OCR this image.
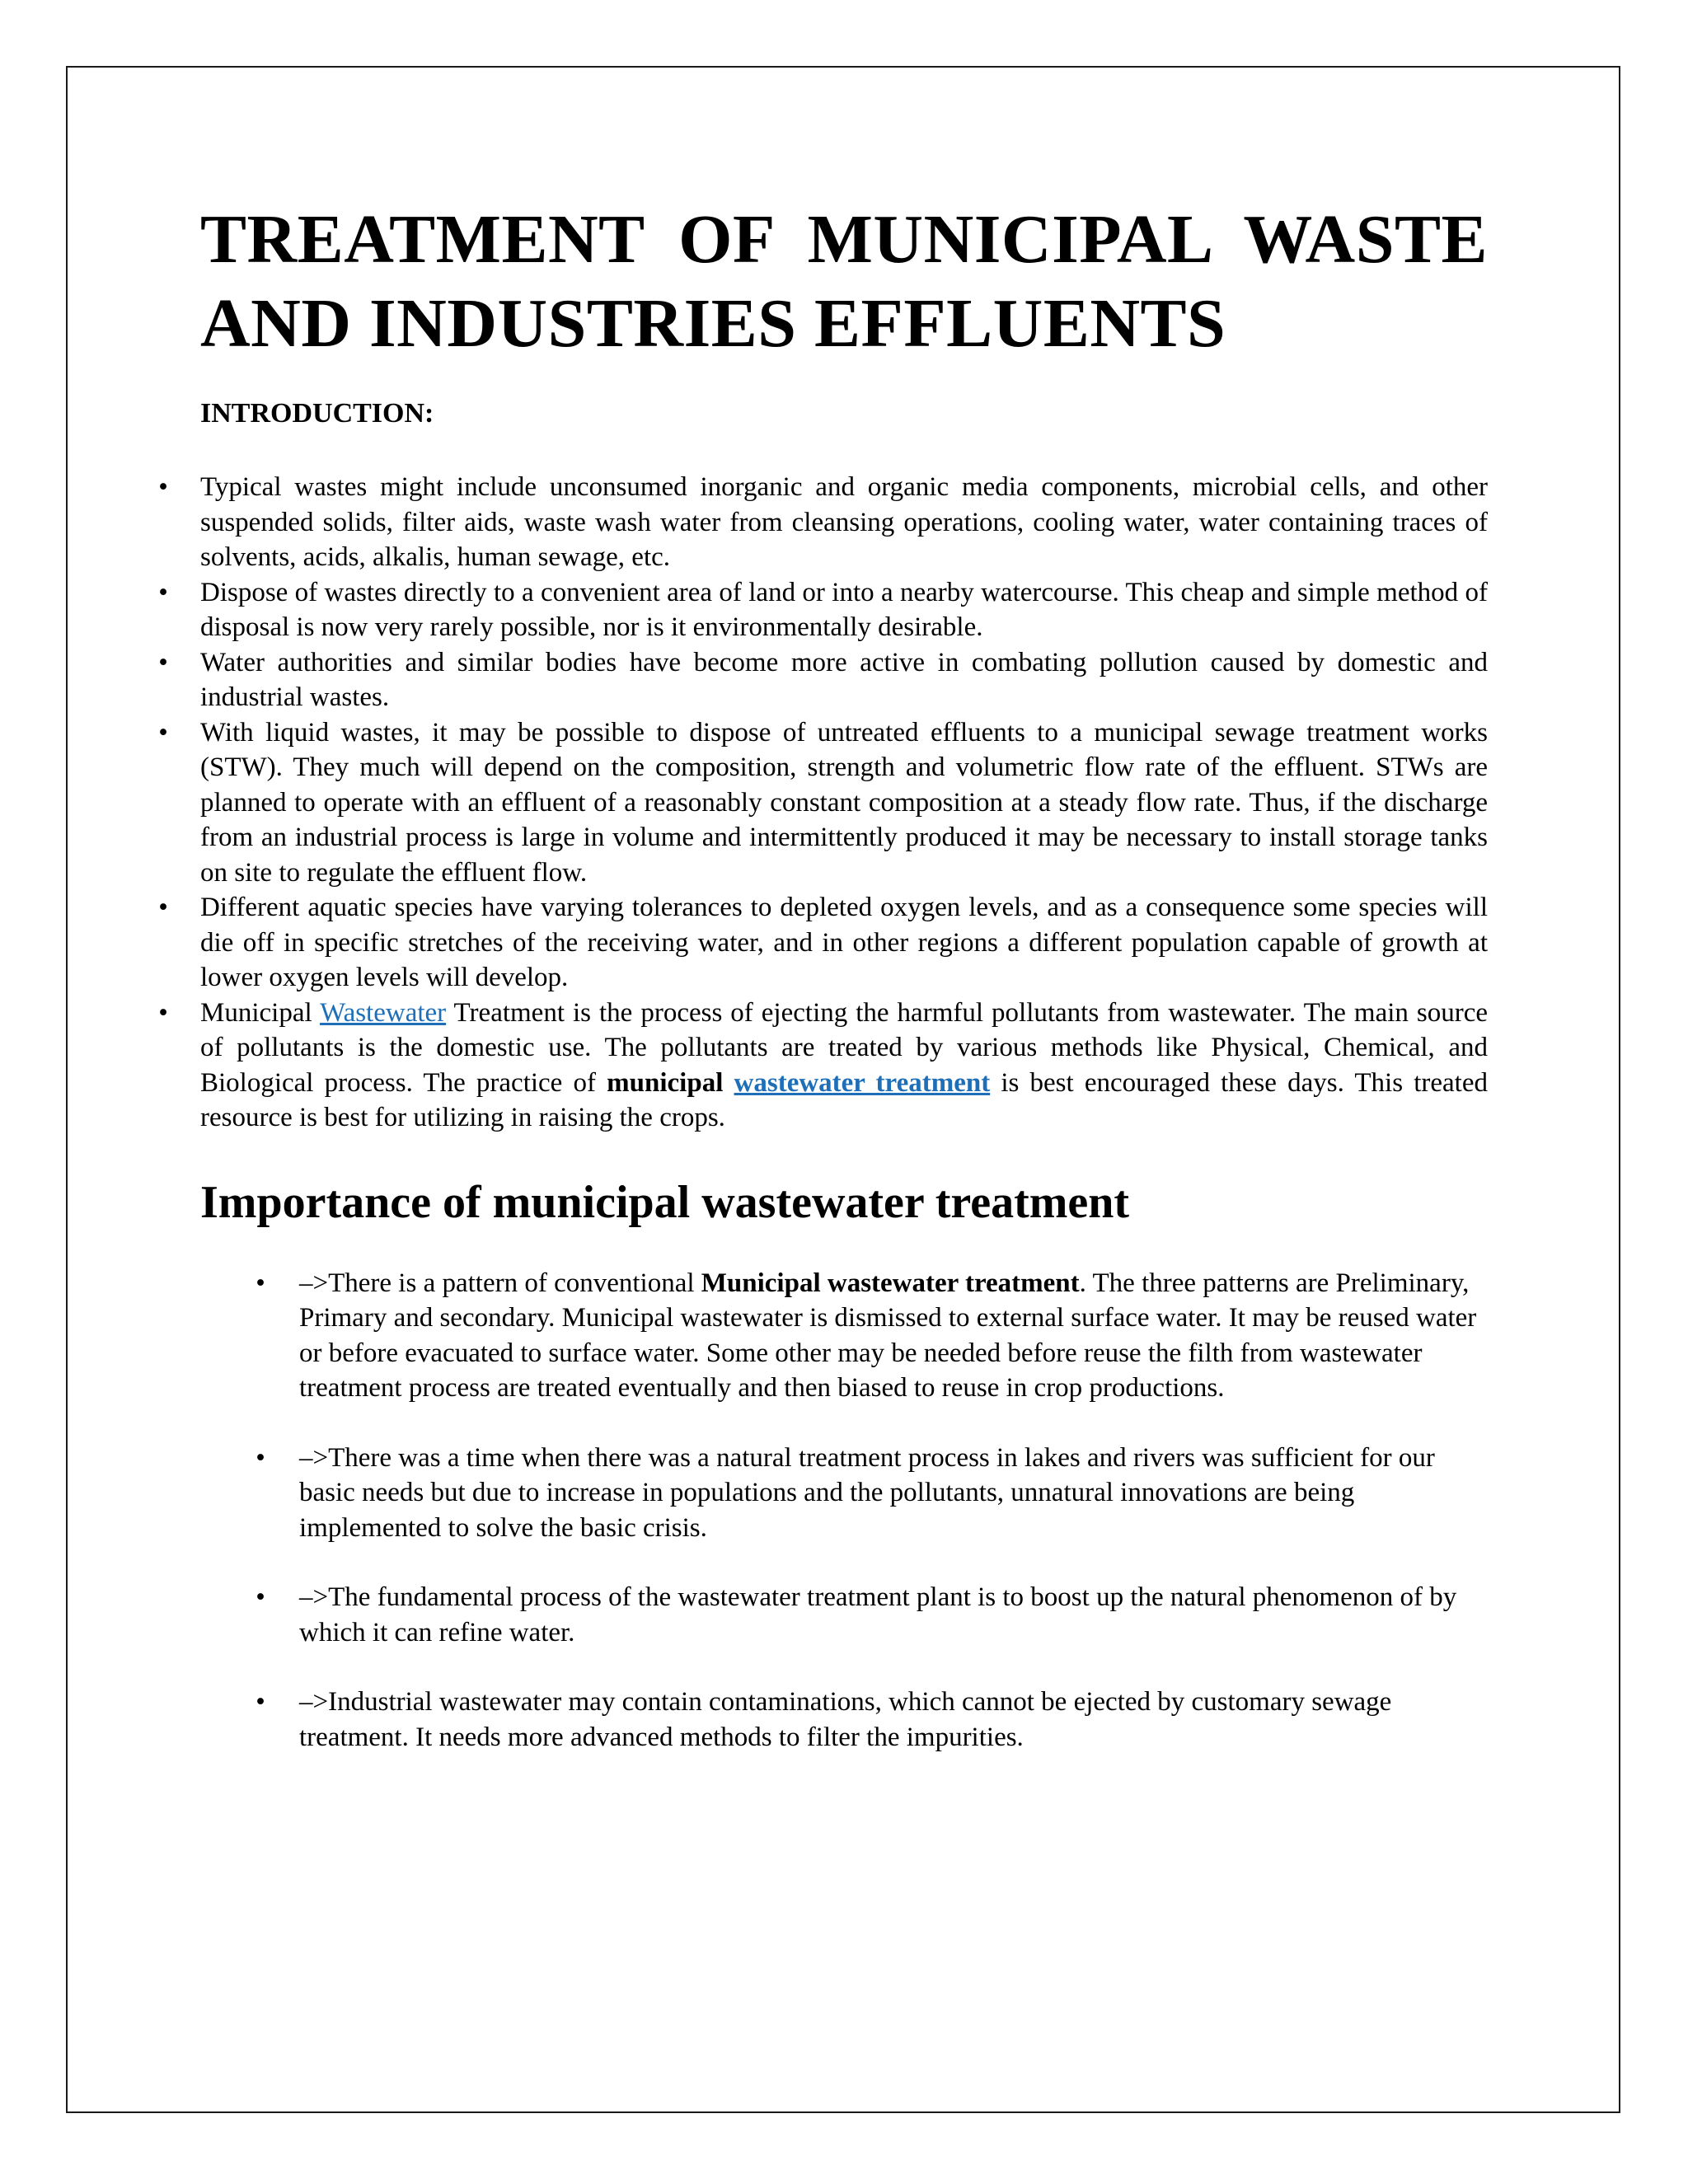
TREATMENT OF MUNICIPAL WASTE AND INDUSTRIES EFFLUENTS
INTRODUCTION:
• Typical wastes might include unconsumed inorganic and organic media components, microbial cells, and other suspended solids, filter aids, waste wash water from cleansing operations, cooling water, water containing traces of solvents, acids, alkalis, human sewage, etc.
• Dispose of wastes directly to a convenient area of land or into a nearby watercourse. This cheap and simple method of disposal is now very rarely possible, nor is it environmentally desirable.
• Water authorities and similar bodies have become more active in combating pollution caused by domestic and industrial wastes.
• With liquid wastes, it may be possible to dispose of untreated effluents to a municipal sewage treatment works (STW). They much will depend on the composition, strength and volumetric flow rate of the effluent. STWs are planned to operate with an effluent of a reasonably constant composition at a steady flow rate. Thus, if the discharge from an industrial process is large in volume and intermittently produced it may be necessary to install storage tanks on site to regulate the effluent flow.
• Different aquatic species have varying tolerances to depleted oxygen levels, and as a consequence some species will die off in specific stretches of the receiving water, and in other regions a different population capable of growth at lower oxygen levels will develop.
• Municipal Wastewater Treatment is the process of ejecting the harmful pollutants from wastewater. The main source of pollutants is the domestic use. The pollutants are treated by various methods like Physical, Chemical, and Biological process. The practice of municipal wastewater treatment is best encouraged these days. This treated resource is best for utilizing in raising the crops.
Importance of municipal wastewater treatment
• –>There is a pattern of conventional Municipal wastewater treatment. The three patterns are Preliminary, Primary and secondary. Municipal wastewater is dismissed to external surface water. It may be reused water or before evacuated to surface water. Some other may be needed before reuse the filth from wastewater treatment process are treated eventually and then biased to reuse in crop productions.
• –>There was a time when there was a natural treatment process in lakes and rivers was sufficient for our basic needs but due to increase in populations and the pollutants, unnatural innovations are being implemented to solve the basic crisis.
• –>The fundamental process of the wastewater treatment plant is to boost up the natural phenomenon of by which it can refine water.
• –>Industrial wastewater may contain contaminations, which cannot be ejected by customary sewage treatment. It needs more advanced methods to filter the impurities.
